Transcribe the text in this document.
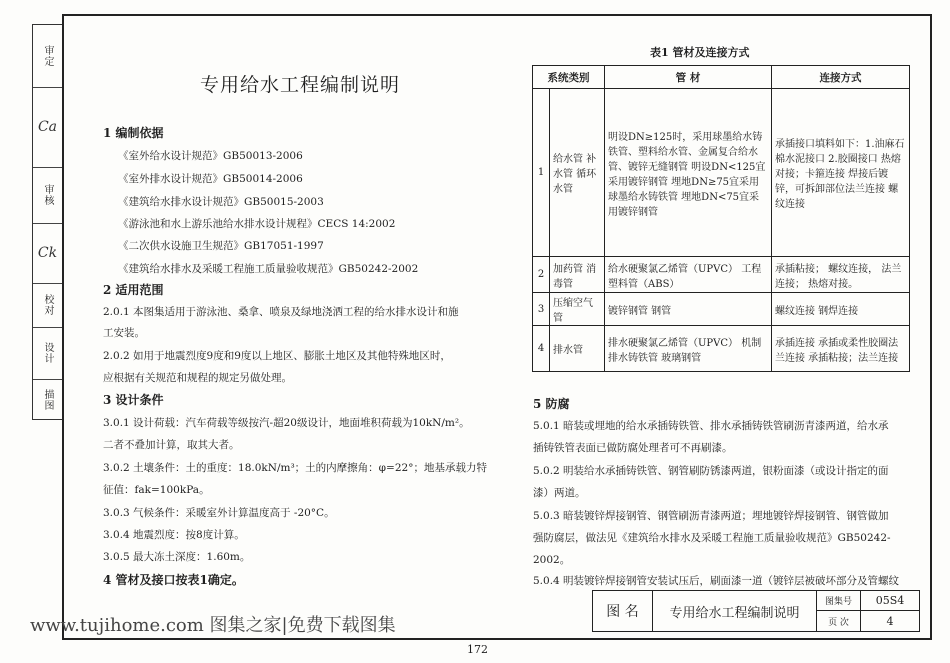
审定
Ca
审核
Ck
校对
设计
描图
专用给水工程编制说明
1 编制依据
《室外给水设计规范》GB50013-2006
《室外排水设计规范》GB50014-2006
《建筑给水排水设计规范》GB50015-2003
《游泳池和水上游乐池给水排水设计规程》CECS 14:2002
《二次供水设施卫生规范》GB17051-1997
《建筑给水排水及采暖工程施工质量验收规范》GB50242-2002
2 适用范围
2.0.1 本图集适用于游泳池、桑拿、喷泉及绿地浇洒工程的给水排水设计和施
工安装。
2.0.2 如用于地震烈度9度和9度以上地区、膨胀土地区及其他特殊地区时，
应根据有关规范和规程的规定另做处理。
3 设计条件
3.0.1 设计荷载：汽车荷载等级按汽-超20级设计，地面堆积荷载为10kN/m²。
二者不叠加计算，取其大者。
3.0.2 土壤条件：土的重度：18.0kN/m³；土的内摩擦角：φ=22°；地基承载力特
征值：fak=100kPa。
3.0.3 气候条件：采暖室外计算温度高于 -20°C。
3.0.4 地震烈度：按8度计算。
3.0.5 最大冻土深度：1.60m。
4 管材及接口按表1确定。
表1 管材及连接方式
系统类别		管 材	连接方式
1	给水管 补水管 循环水管	明设DN≥125时，采用球墨给水铸铁管、塑料给水管、金属复合给水管、镀锌无缝钢管 明设DN<125宜采用镀锌钢管 埋地DN≥75宜采用球墨给水铸铁管 埋地DN<75宜采用镀锌钢管	承插接口填料如下：1.油麻石棉水泥接口 2.胶圈接口 热熔对接；卡箍连接 焊接后镀锌，可拆卸部位法兰连接 螺纹连接
2	加药管 消毒管	给水硬聚氯乙烯管（UPVC） 工程塑料管（ABS）	承插粘接； 螺纹连接， 法兰连接； 热熔对接。
3	压缩空气管	镀锌钢管 钢管	螺纹连接 钢焊连接
4	排水管	排水硬聚氯乙烯管（UPVC） 机制排水铸铁管 玻璃钢管	承插连接 承插或柔性胶圈法兰连接 承插粘接；法兰连接
5 防腐
5.0.1 暗装或埋地的给水承插铸铁管、排水承插铸铁管刷沥青漆两道，给水承
插铸铁管表面已做防腐处理者可不再刷漆。
5.0.2 明装给水承插铸铁管、钢管刷防锈漆两道，银粉面漆（或设计指定的面
漆）两道。
5.0.3 暗装镀锌焊接钢管、钢管刷沥青漆两道；埋地镀锌焊接钢管、钢管做加
强防腐层，做法见《建筑给水排水及采暖工程施工质量验收规范》GB50242-
2002。
5.0.4 明装镀锌焊接钢管安装试压后，刷面漆一道（镀锌层被破坏部分及管螺纹
图 名	专用给水工程编制说明
图集号	05S4
页 次	4
www.tujihome.com 图集之家|免费下载图集
172
